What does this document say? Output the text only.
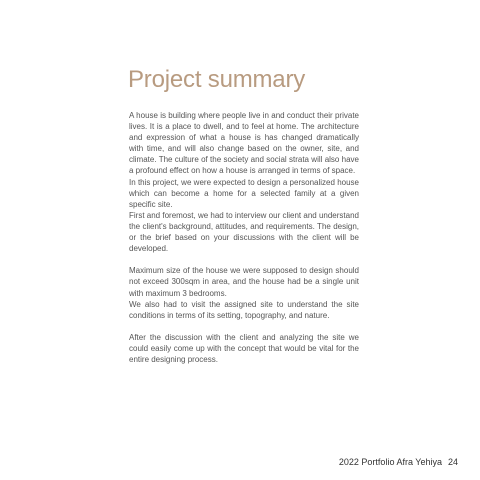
Project summary

A house is building where people live in and conduct their private lives. It is a place to dwell, and to feel at home. The architecture and expression of what a house is has changed dramatically with time, and will also change based on the owner, site, and climate. The culture of the society and social strata will also have a profound effect on how a house is arranged in terms of space.

In this project, we were expected to design a personalized house which can become a home for a selected family at a given specific site.

First and foremost, we had to interview our client and understand the client's background, attitudes, and requirements. The design, or the brief based on your discussions with the client will be developed.

Maximum size of the house we were supposed to design should not exceed 300sqm in area, and the house had be a single unit with maximum 3 bedrooms.

We also had to visit the assigned site to understand the site conditions in terms of its setting, topography, and nature.

After the discussion with the client and analyzing the site we could easily come up with the concept that would be vital for the entire designing process.

2022 Portfolio Afra Yehiya 24
